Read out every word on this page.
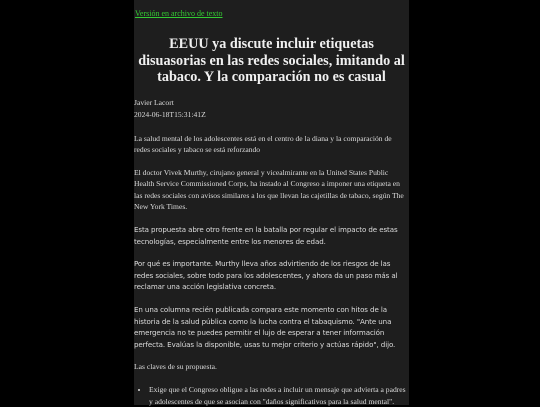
Versión en archivo de texto
EEUU ya discute incluir etiquetas disuasorias en las redes sociales, imitando al tabaco. Y la comparación no es casual
Javier Lacort
2024-06-18T15:31:41Z

La salud mental de los adolescentes está en el centro de la diana y la comparación de redes sociales y tabaco se está reforzando

El doctor Vivek Murthy, cirujano general y vicealmirante en la United States Public Health Service Commissioned Corps, ha instado al Congreso a imponer una etiqueta en las redes sociales con avisos similares a los que llevan las cajetillas de tabaco, según The New York Times.

Esta propuesta abre otro frente en la batalla por regular el impacto de estas tecnologías, especialmente entre los menores de edad.

Por qué es importante. Murthy lleva años advirtiendo de los riesgos de las redes sociales, sobre todo para los adolescentes, y ahora da un paso más al reclamar una acción legislativa concreta.

En una columna recién publicada compara este momento con hitos de la historia de la salud pública como la lucha contra el tabaquismo. "Ante una emergencia no te puedes permitir el lujo de esperar a tener información perfecta. Evalúas la disponible, usas tu mejor criterio y actúas rápido", dijo.

Las claves de su propuesta.

• Exige que el Congreso obligue a las redes a incluir un mensaje que advierta a padres y adolescentes de que se asocian con "daños significativos para la salud mental".
